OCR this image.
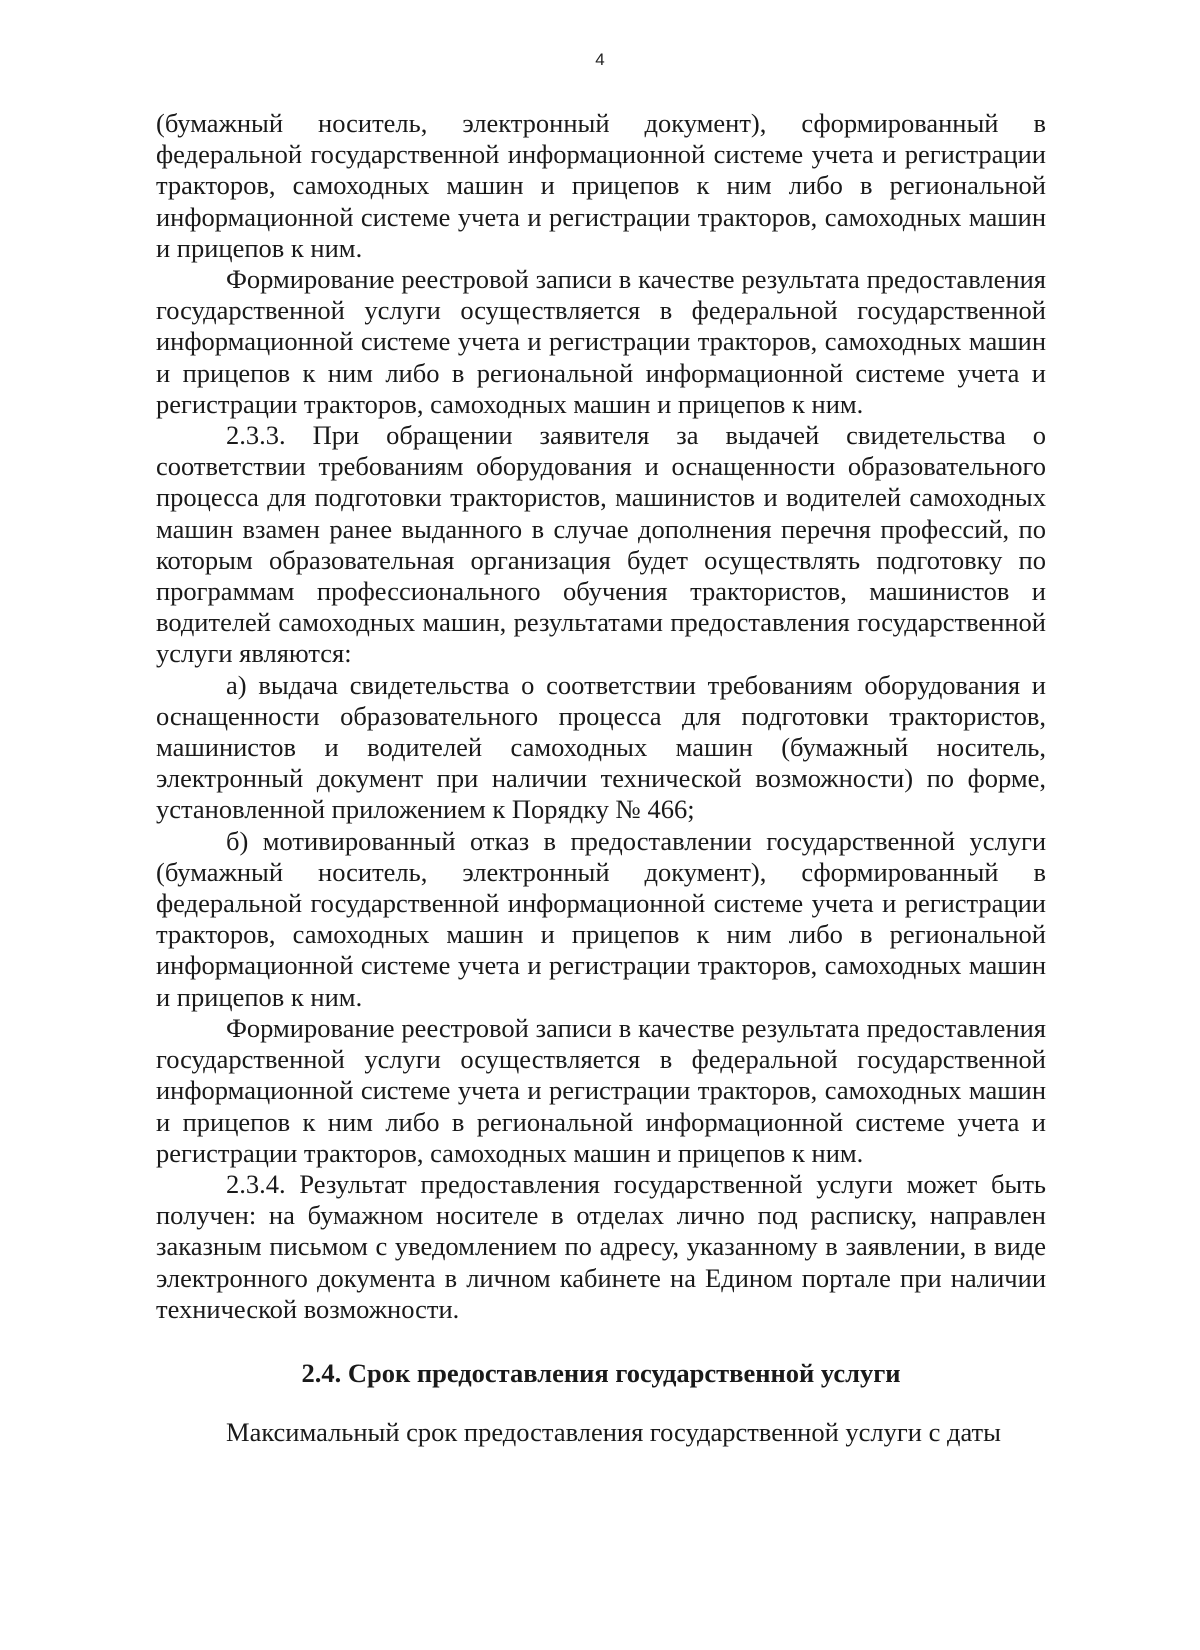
4

(бумажный носитель, электронный документ), сформированный в федеральной государственной информационной системе учета и регистрации тракторов, самоходных машин и прицепов к ним либо в региональной информационной системе учета и регистрации тракторов, самоходных машин и прицепов к ним.

Формирование реестровой записи в качестве результата предоставления государственной услуги осуществляется в федеральной государственной информационной системе учета и регистрации тракторов, самоходных машин и прицепов к ним либо в региональной информационной системе учета и регистрации тракторов, самоходных машин и прицепов к ним.

2.3.3. При обращении заявителя за выдачей свидетельства о соответствии требованиям оборудования и оснащенности образовательного процесса для подготовки трактористов, машинистов и водителей самоходных машин взамен ранее выданного в случае дополнения перечня профессий, по которым образовательная организация будет осуществлять подготовку по программам профессионального обучения трактористов, машинистов и водителей самоходных машин, результатами предоставления государственной услуги являются:

а) выдача свидетельства о соответствии требованиям оборудования и оснащенности образовательного процесса для подготовки трактористов, машинистов и водителей самоходных машин (бумажный носитель, электронный документ при наличии технической возможности) по форме, установленной приложением к Порядку № 466;

б) мотивированный отказ в предоставлении государственной услуги (бумажный носитель, электронный документ), сформированный в федеральной государственной информационной системе учета и регистрации тракторов, самоходных машин и прицепов к ним либо в региональной информационной системе учета и регистрации тракторов, самоходных машин и прицепов к ним.

Формирование реестровой записи в качестве результата предоставления государственной услуги осуществляется в федеральной государственной информационной системе учета и регистрации тракторов, самоходных машин и прицепов к ним либо в региональной информационной системе учета и регистрации тракторов, самоходных машин и прицепов к ним.

2.3.4. Результат предоставления государственной услуги может быть получен: на бумажном носителе в отделах лично под расписку, направлен заказным письмом с уведомлением по адресу, указанному в заявлении, в виде электронного документа в личном кабинете на Едином портале при наличии технической возможности.

2.4. Срок предоставления государственной услуги

Максимальный срок предоставления государственной услуги с даты
